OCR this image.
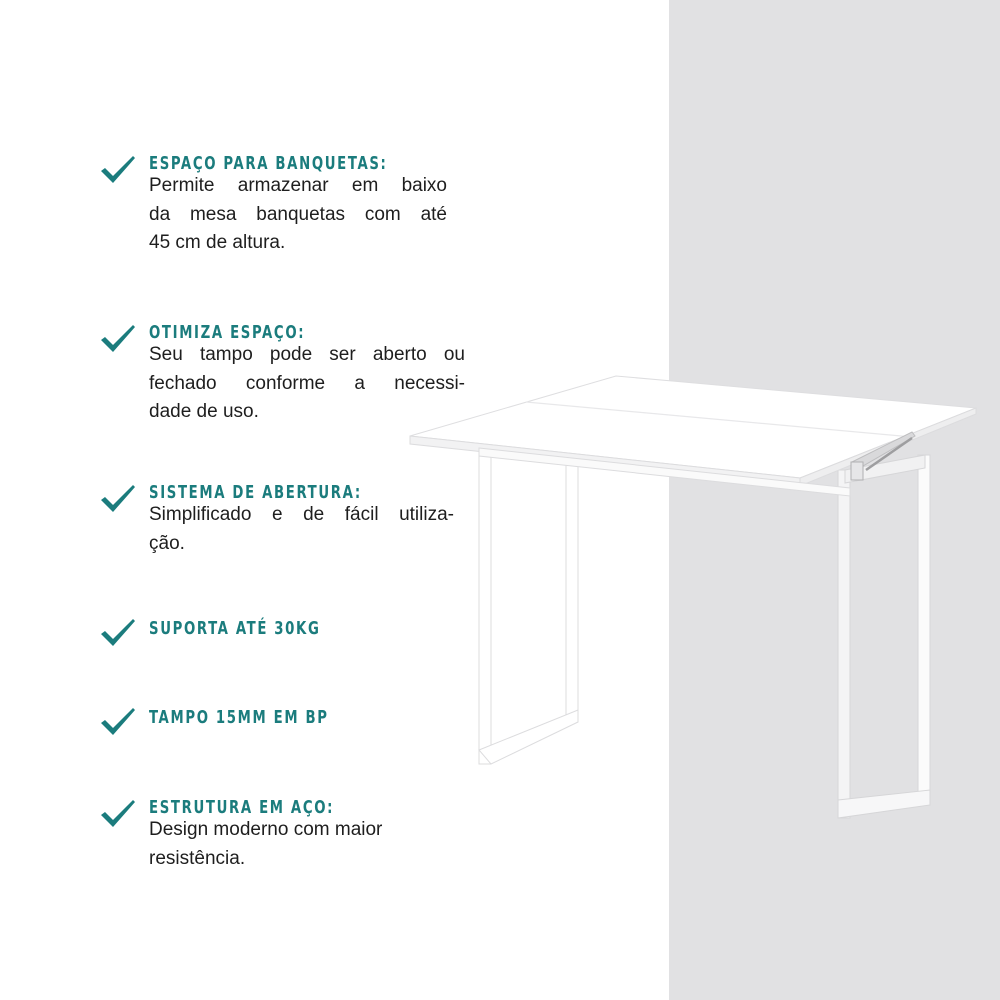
ESPAÇO PARA BANQUETAS:
Permite armazenar em baixo
da mesa banquetas com até
45 cm de altura.
OTIMIZA ESPAÇO:
Seu tampo pode ser aberto ou
fechado conforme a necessi-
dade de uso.
SISTEMA DE ABERTURA:
Simplificado e de fácil utiliza-
ção.
SUPORTA ATÉ 30KG
TAMPO 15MM EM BP
ESTRUTURA EM AÇO:
Design moderno com maior
resistência.
